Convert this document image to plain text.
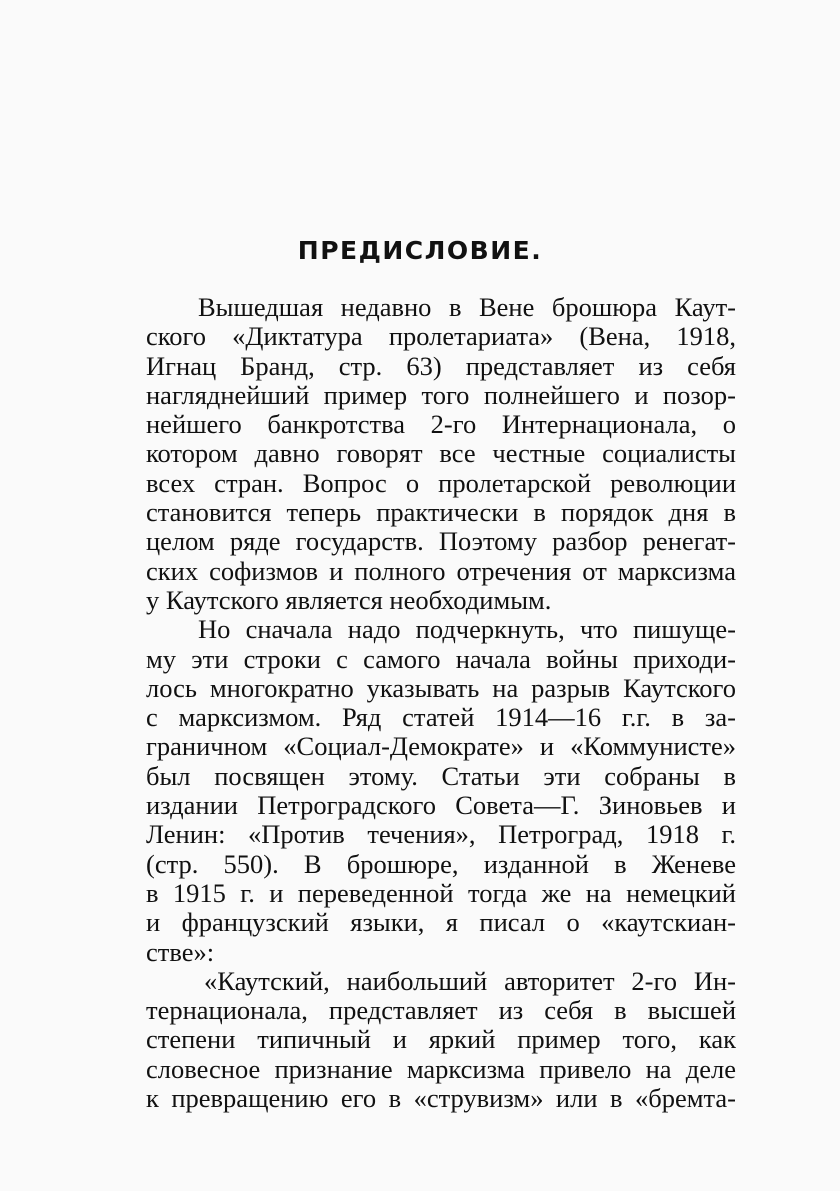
ПРЕДИСЛОВИЕ.
Вышедшая недавно в Вене брошюра Каут-
ского «Диктатура пролетариата» (Вена, 1918,
Игнац Бранд, стр. 63) представляет из себя
нагляднейший пример того полнейшего и позор-
нейшего банкротства 2-го Интернационала, о
котором давно говорят все честные социалисты
всех стран. Вопрос о пролетарской революции
становится теперь практически в порядок дня в
целом ряде государств. Поэтому разбор ренегат-
ских софизмов и полного отречения от марксизма
у Каутского является необходимым.
Но сначала надо подчеркнуть, что пишуще-
му эти строки с самого начала войны приходи-
лось многократно указывать на разрыв Каутского
с марксизмом. Ряд статей 1914—16 г.г. в за-
граничном «Социал-Демократе» и «Коммунисте»
был посвящен этому. Статьи эти собраны в
издании Петроградского Совета—Г. Зиновьев и
Ленин: «Против течения», Петроград, 1918 г.
(стр. 550). В брошюре, изданной в Женеве
в 1915 г. и переведенной тогда же на немецкий
и французский языки, я писал о «каутскиан-
стве»:
«Каутский, наибольший авторитет 2-го Ин-
тернационала, представляет из себя в высшей
степени типичный и яркий пример того, как
словесное признание марксизма привело на деле
к превращению его в «струвизм» или в «бремта-
